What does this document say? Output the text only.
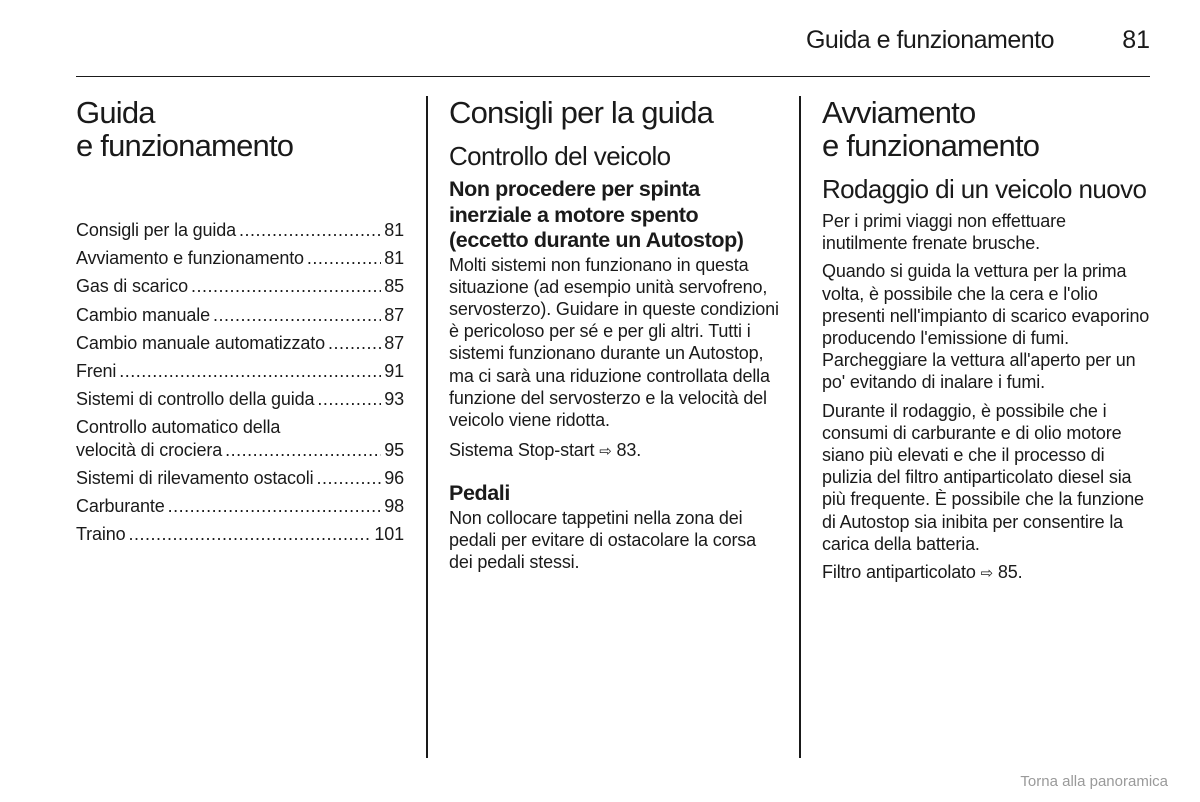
Guida e funzionamento	81
Guida
e funzionamento
Consigli per la guida .....	81
Avviamento e funzionamento .....	81
Gas di scarico .....	85
Cambio manuale .....	87
Cambio manuale automatizzato .....	87
Freni .....	91
Sistemi di controllo della guida .....	93
Controllo automatico della
velocità di crociera .....	95
Sistemi di rilevamento ostacoli .....	96
Carburante .....	98
Traino .....	101
Consigli per la guida
Controllo del veicolo
Non procedere per spinta inerziale a motore spento (eccetto durante un Autostop)

Molti sistemi non funzionano in questa situazione (ad esempio unità servofreno, servosterzo). Guidare in queste condizioni è pericoloso per sé e per gli altri. Tutti i sistemi funzionano durante un Autostop, ma ci sarà una riduzione controllata della funzione del servosterzo e la velocità del veicolo viene ridotta.

Sistema Stop-start ⇨ 83.

Pedali

Non collocare tappetini nella zona dei pedali per evitare di ostacolare la corsa dei pedali stessi.

Avviamento
e funzionamento
Rodaggio di un veicolo nuovo

Per i primi viaggi non effettuare inutilmente frenate brusche.

Quando si guida la vettura per la prima volta, è possibile che la cera e l'olio presenti nell'impianto di scarico evaporino producendo l'emissione di fumi. Parcheggiare la vettura all'aperto per un po' evitando di inalare i fumi.

Durante il rodaggio, è possibile che i consumi di carburante e di olio motore siano più elevati e che il processo di pulizia del filtro antiparticolato diesel sia più frequente. È possibile che la funzione di Autostop sia inibita per consentire la carica della batteria.

Filtro antiparticolato ⇨ 85.

Torna alla panoramica
